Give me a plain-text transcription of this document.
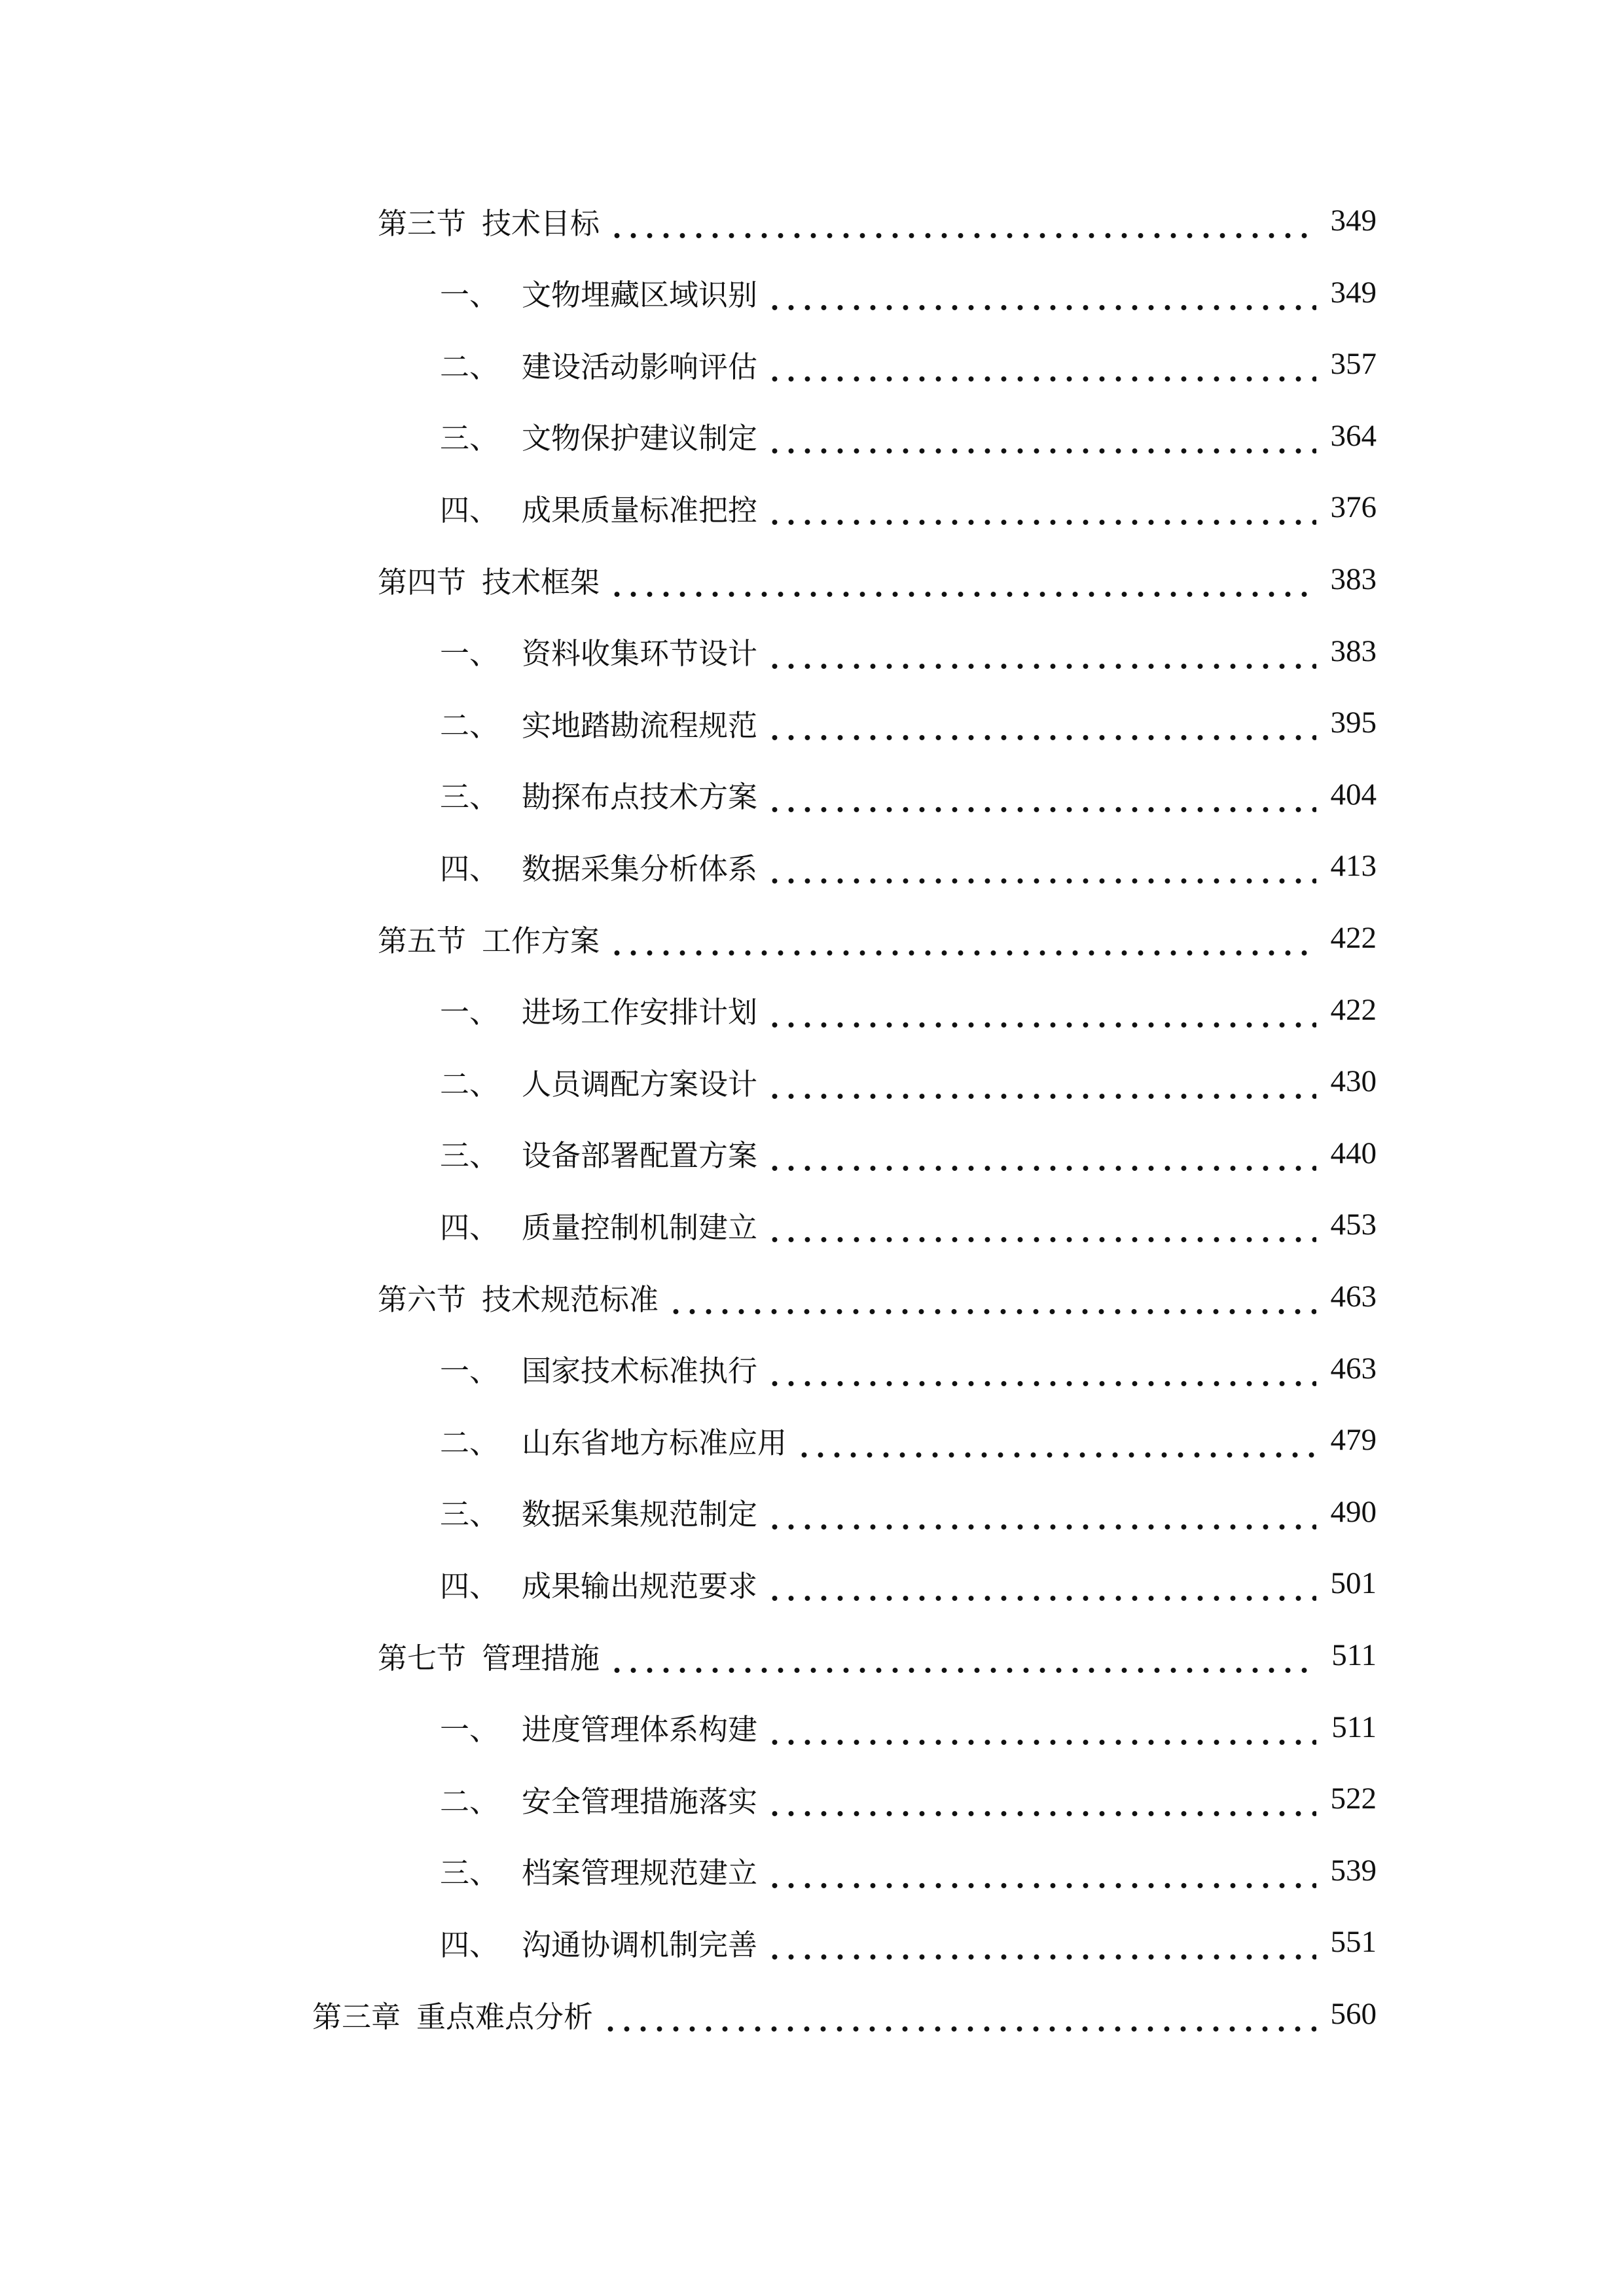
第三节 技术目标	349
一、 文物埋藏区域识别	349
二、 建设活动影响评估	357
三、 文物保护建议制定	364
四、 成果质量标准把控	376
第四节 技术框架	383
一、 资料收集环节设计	383
二、 实地踏勘流程规范	395
三、 勘探布点技术方案	404
四、 数据采集分析体系	413
第五节 工作方案	422
一、 进场工作安排计划	422
二、 人员调配方案设计	430
三、 设备部署配置方案	440
四、 质量控制机制建立	453
第六节 技术规范标准	463
一、 国家技术标准执行	463
二、 山东省地方标准应用	479
三、 数据采集规范制定	490
四、 成果输出规范要求	501
第七节 管理措施	511
一、 进度管理体系构建	511
二、 安全管理措施落实	522
三、 档案管理规范建立	539
四、 沟通协调机制完善	551
第三章 重点难点分析	560
